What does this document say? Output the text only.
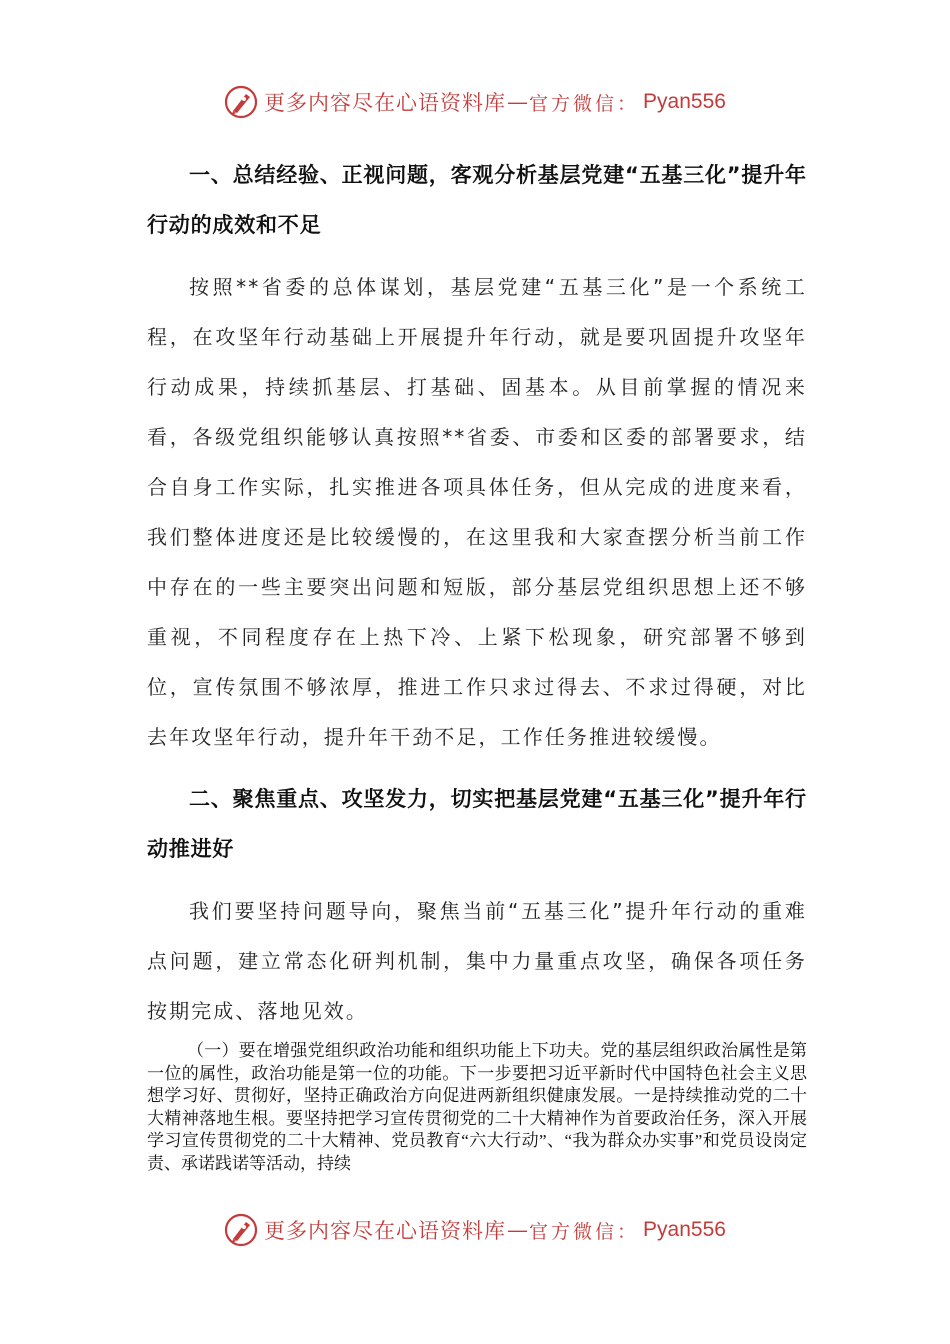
更多内容尽在心语资料库 — 官方微信： Pyan556

一、总结经验、正视问题，客观分析基层党建“五基三化”提升年行动的成效和不足

按照**省委的总体谋划，基层党建“五基三化”是一个系统工程，在攻坚年行动基础上开展提升年行动，就是要巩固提升攻坚年行动成果，持续抓基层、打基础、固基本。从目前掌握的情况来看，各级党组织能够认真按照**省委、市委和区委的部署要求，结合自身工作实际，扎实推进各项具体任务，但从完成的进度来看，我们整体进度还是比较缓慢的，在这里我和大家查摆分析当前工作中存在的一些主要突出问题和短版，部分基层党组织思想上还不够重视，不同程度存在上热下冷、上紧下松现象，研究部署不够到位，宣传氛围不够浓厚，推进工作只求过得去、不求过得硬，对比去年攻坚年行动，提升年干劲不足，工作任务推进较缓慢。

二、聚焦重点、攻坚发力，切实把基层党建“五基三化”提升年行动推进好

我们要坚持问题导向，聚焦当前“五基三化”提升年行动的重难点问题，建立常态化研判机制，集中力量重点攻坚，确保各项任务按期完成、落地见效。

（一）要在增强党组织政治功能和组织功能上下功夫。党的基层组织政治属性是第一位的属性，政治功能是第一位的功能。下一步要把习近平新时代中国特色社会主义思想学习好、贯彻好，坚持正确政治方向促进两新组织健康发展。一是持续推动党的二十大精神落地生根。要坚持把学习宣传贯彻党的二十大精神作为首要政治任务，深入开展学习宣传贯彻党的二十大精神、党员教育“六大行动”、“我为群众办实事”和党员设岗定责、承诺践诺等活动，持续

更多内容尽在心语资料库 — 官方微信： Pyan556
